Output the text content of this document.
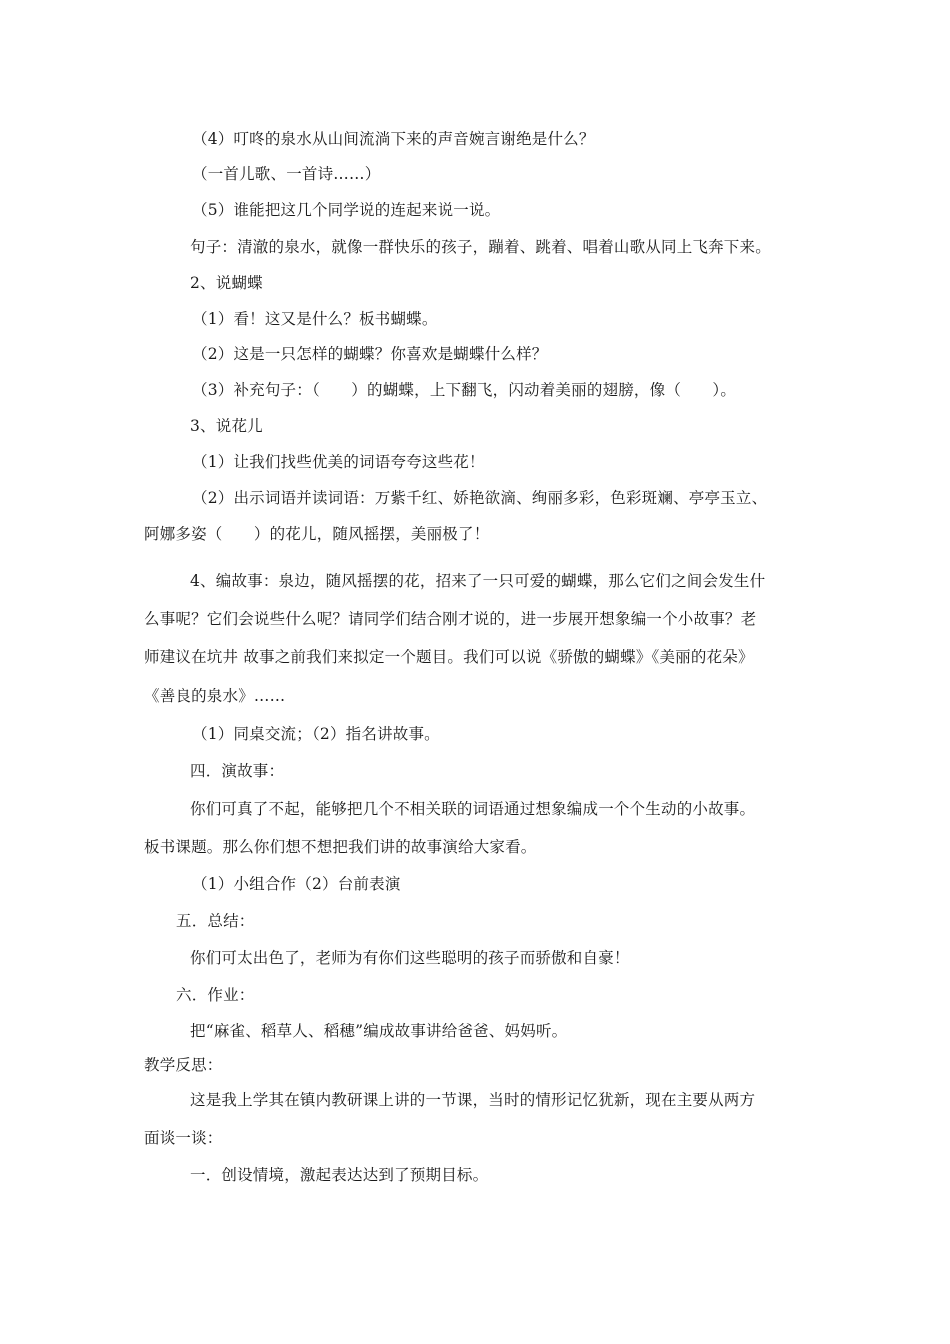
（4）叮咚的泉水从山间流淌下来的声音婉言谢绝是什么？
（一首儿歌、一首诗……）
（5）谁能把这几个同学说的连起来说一说。
句子：清澈的泉水，就像一群快乐的孩子，蹦着、跳着、唱着山歌从同上飞奔下来。
2、说蝴蝶
（1）看！这又是什么？板书蝴蝶。
（2）这是一只怎样的蝴蝶？你喜欢是蝴蝶什么样？
（3）补充句子：（　　）的蝴蝶，上下翻飞，闪动着美丽的翅膀，像（　　）。
3、说花儿
（1）让我们找些优美的词语夸夸这些花！
（2）出示词语并读词语：万紫千红、娇艳欲滴、绚丽多彩，色彩斑斓、亭亭玉立、
阿娜多姿（　　）的花儿，随风摇摆，美丽极了！
4、编故事：泉边，随风摇摆的花，招来了一只可爱的蝴蝶，那么它们之间会发生什
么事呢？它们会说些什么呢？请同学们结合刚才说的，进一步展开想象编一个小故事？老
师建议在坑井 故事之前我们来拟定一个题目。我们可以说《骄傲的蝴蝶》《美丽的花朵》
《善良的泉水》……
（1）同桌交流；（2）指名讲故事。
四．演故事：
你们可真了不起，能够把几个不相关联的词语通过想象编成一个个生动的小故事。
板书课题。那么你们想不想把我们讲的故事演给大家看。
（1）小组合作（2）台前表演
五．总结：
你们可太出色了，老师为有你们这些聪明的孩子而骄傲和自豪！
六．作业：
把“麻雀、稻草人、稻穗”编成故事讲给爸爸、妈妈听。
教学反思：
这是我上学其在镇内教研课上讲的一节课，当时的情形记忆犹新，现在主要从两方
面谈一谈：
一．创设情境，激起表达达到了预期目标。
